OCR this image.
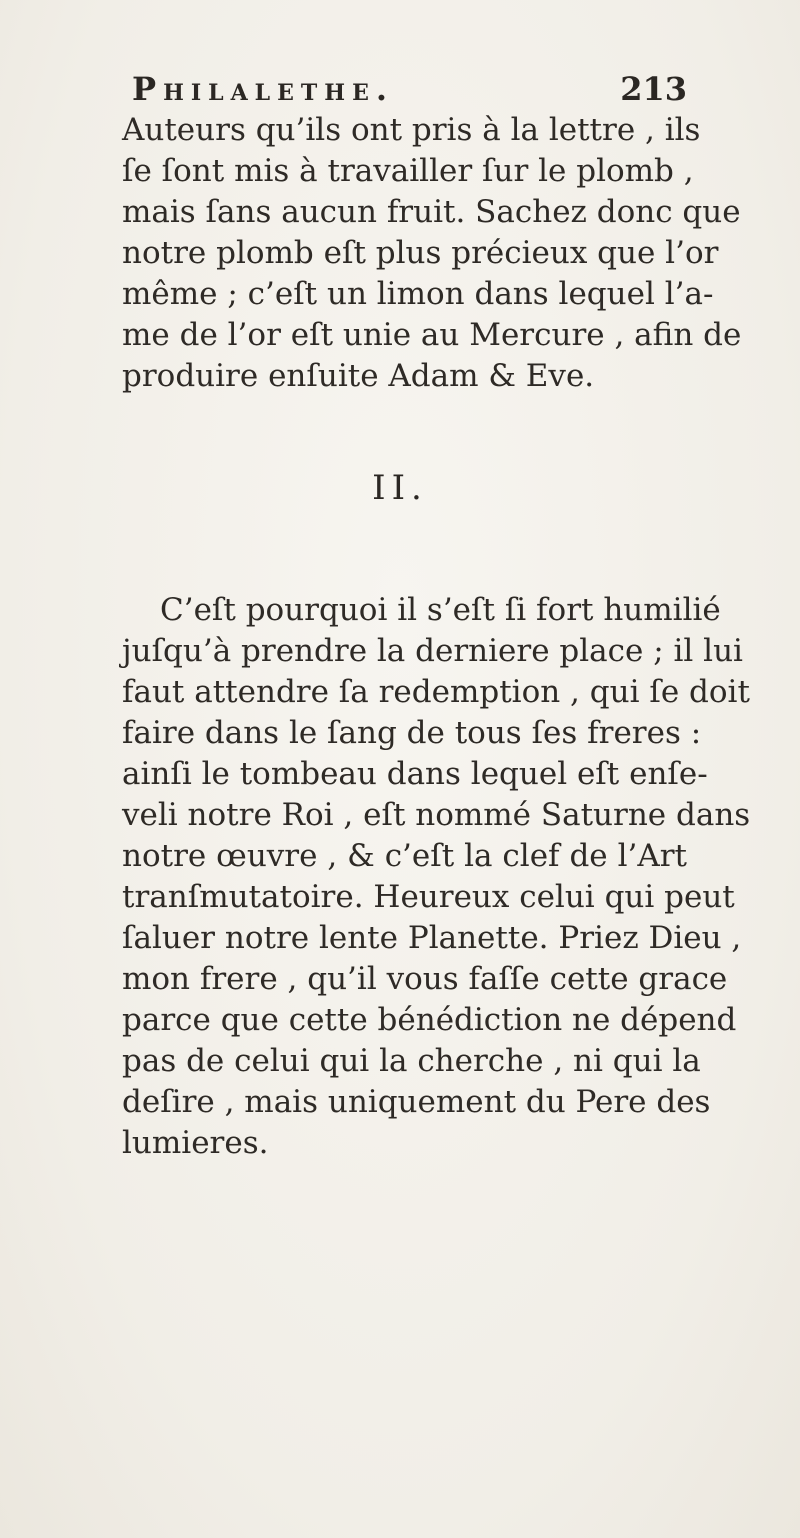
Philalethe.	213
Auteurs qu’ils ont pris à la lettre , ils
ſe ſont mis à travailler ſur le plomb ,
mais ſans aucun fruit. Sachez donc que
notre plomb eſt plus précieux que l’or
même ; c’eſt un limon dans lequel l’a-
me de l’or eſt unie au Mercure , afin de
produire enſuite Adam & Eve.
II.
C’eſt pourquoi il s’eſt ſi fort humilié
juſqu’à prendre la derniere place ; il lui
faut attendre ſa redemption , qui ſe doit
faire dans le ſang de tous ſes freres :
ainſi le tombeau dans lequel eſt enſe-
veli notre Roi , eſt nommé Saturne dans
notre œuvre , & c’eſt la clef de l’Art
tranſmutatoire. Heureux celui qui peut
ſaluer notre lente Planette. Priez Dieu ,
mon frere , qu’il vous faſſe cette grace
parce que cette bénédiction ne dépend
pas de celui qui la cherche , ni qui la
deſire , mais uniquement du Pere des
lumieres.
